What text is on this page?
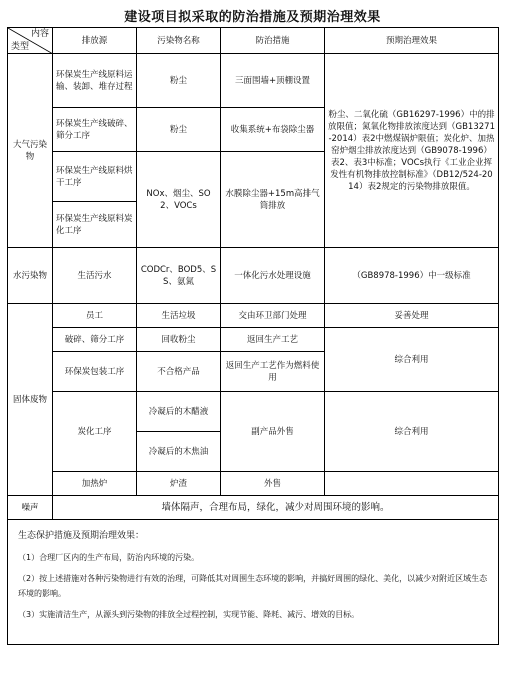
建设项目拟采取的防治措施及预期治理效果
内容
类型	排放源	污染物名称	防治措施	预期治理效果
大气污染物	环保炭生产线原料运输、装卸、堆存过程	粉尘	三面围墙+顶棚设置	粉尘、二氧化硫（GB16297-1996）中的排放限值；氮氧化物排放浓度达到（GB13271-2014）表2中燃煤锅炉限值；炭化炉、加热窑炉烟尘排放浓度达到（GB9078-1996）表2、表3中标准；VOCs执行《工业企业挥发性有机物排放控制标准》（DB12/524-2014）表2规定的污染物排放限值。
	环保炭生产线破碎、筛分工序	粉尘	收集系统+布袋除尘器	
	环保炭生产线原料烘干工序	NOx、烟尘、SO2、VOCs	水膜除尘器+15m高排气筒排放	
	环保炭生产线原料炭化工序			
水污染物	生活污水	CODCr、BOD5、SS、氨氮	一体化污水处理设施	（GB8978-1996）中一级标准
固体废物	员工	生活垃圾	交由环卫部门处理	妥善处理
	破碎、筛分工序	回收粉尘	返回生产工艺	综合利用
	环保炭包装工序	不合格产品	返回生产工艺作为燃料使用	
	炭化工序	冷凝后的木醋液	副产品外售	综合利用
		冷凝后的木焦油		
	加热炉	炉渣	外售	

噪声	墙体隔声，合理布局，绿化，减少对周围环境的影响。			

生态保护措施及预期治理效果：
（1）合理厂区内的生产布局，防治内环境的污染。
（2）按上述措施对各种污染物进行有效的治理，可降低其对周围生态环境的影响，并搞好周围的绿化、美化，以减少对附近区域生态环境的影响。
（3）实施清洁生产，从源头到污染物的排放全过程控制，实现节能、降耗、减污、增效的目标。				
